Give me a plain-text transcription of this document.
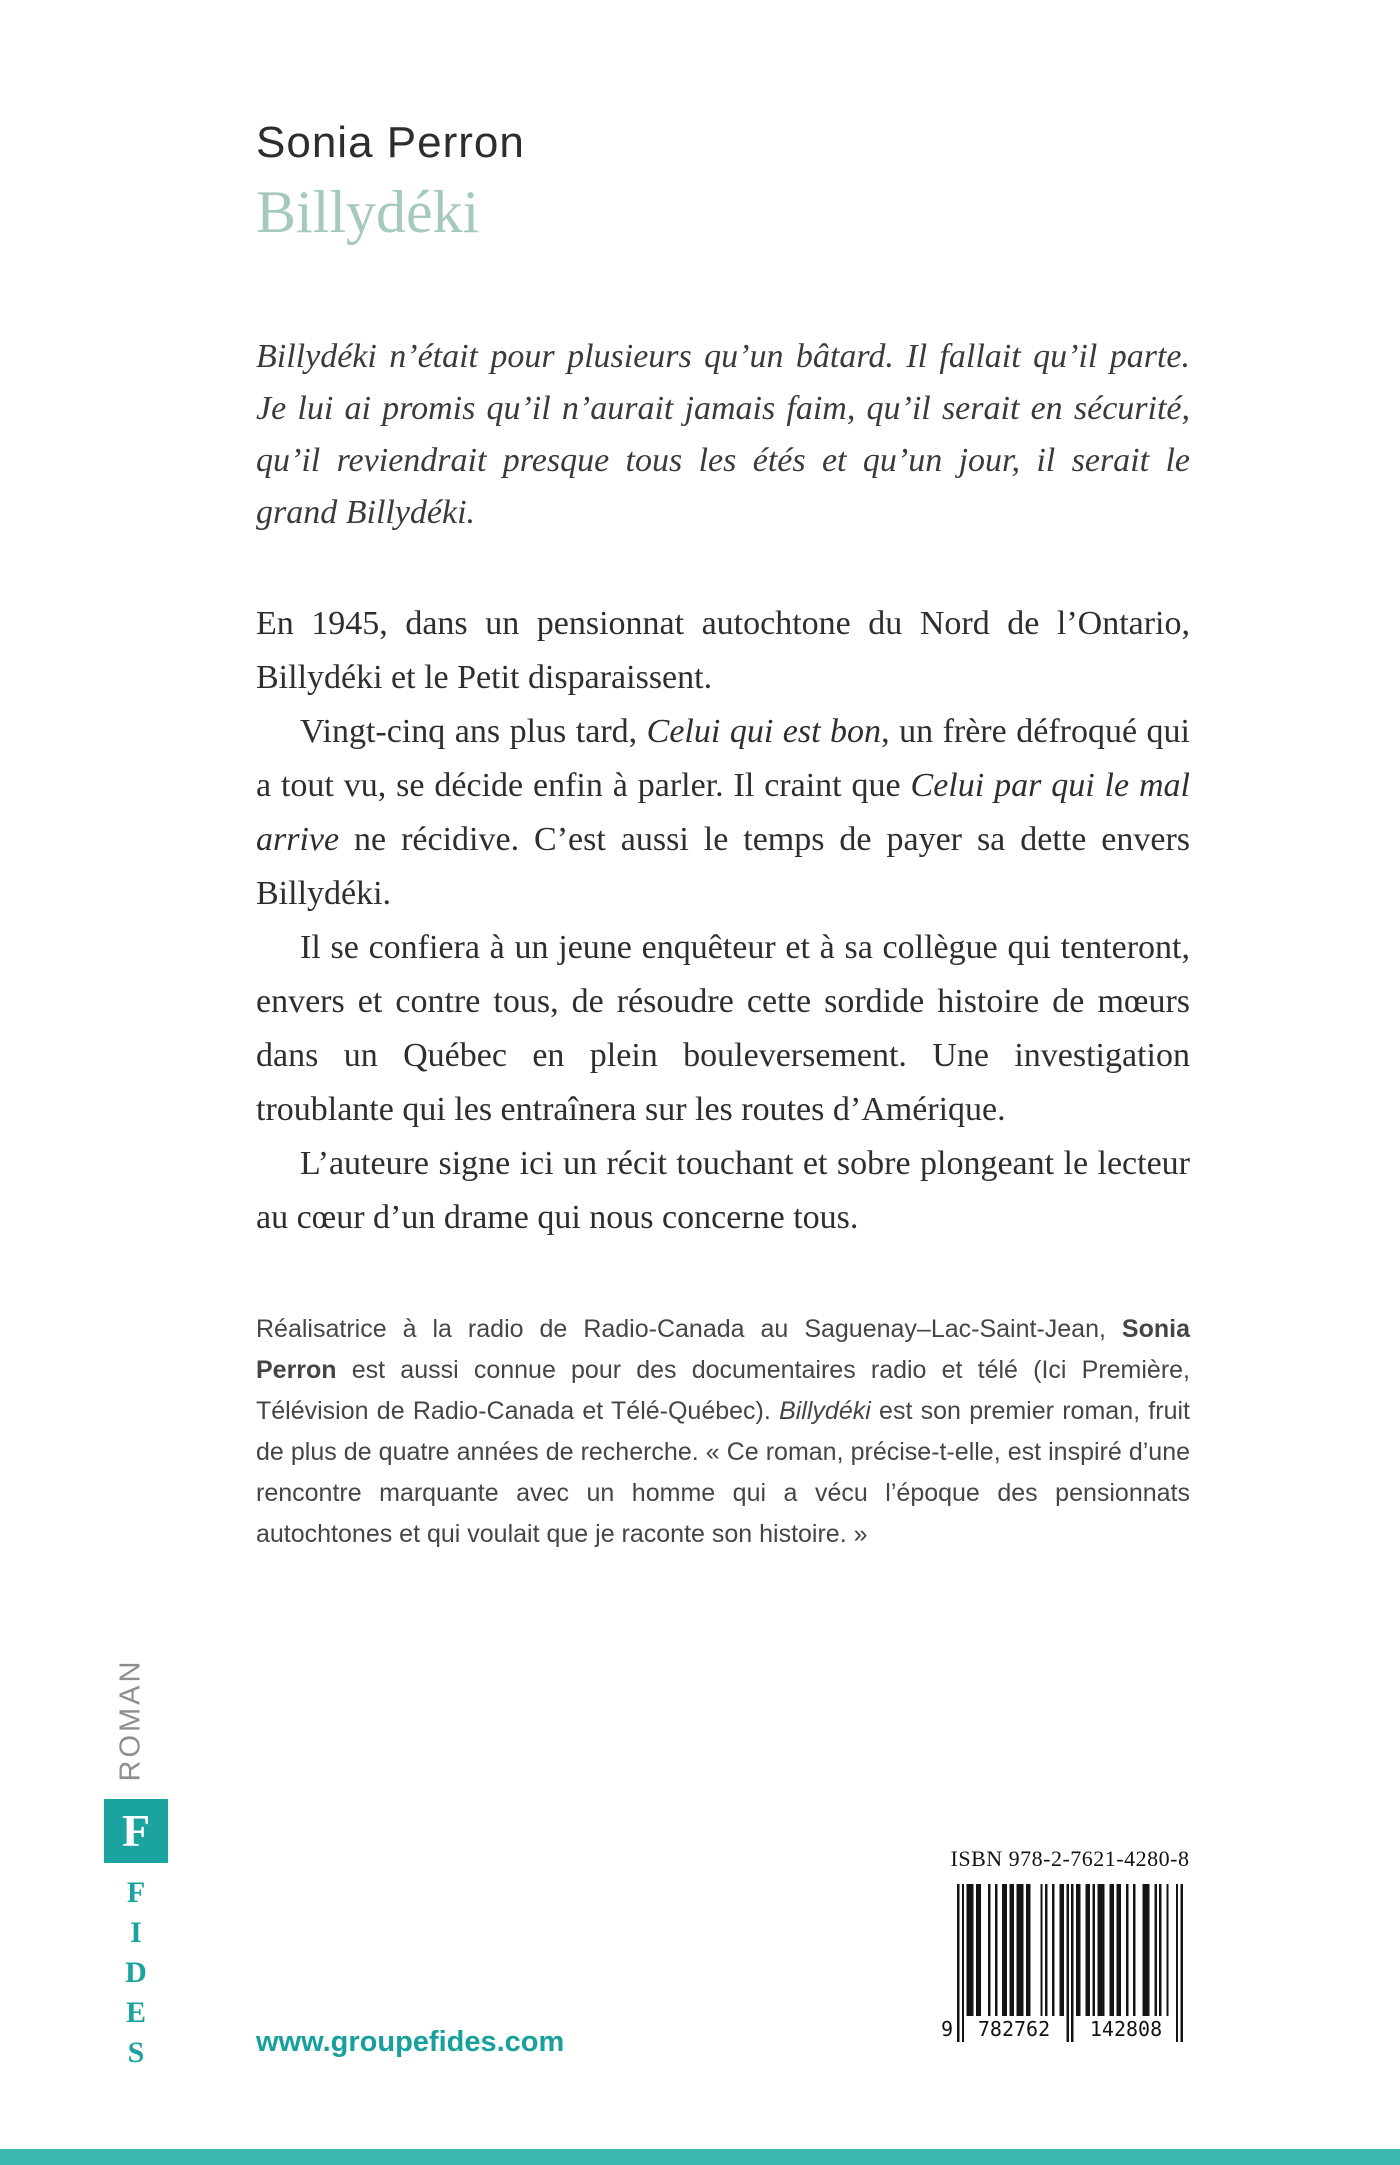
Sonia Perron
Billydéki

Billydéki n’était pour plusieurs qu’un bâtard. Il fallait qu’il parte. Je lui ai promis qu’il n’aurait jamais faim, qu’il serait en sécurité, qu’il reviendrait presque tous les étés et qu’un jour, il serait le grand Billydéki.

En 1945, dans un pensionnat autochtone du Nord de l’Ontario, Billydéki et le Petit disparaissent.

Vingt-cinq ans plus tard, Celui qui est bon, un frère défroqué qui a tout vu, se décide enfin à parler. Il craint que Celui par qui le mal arrive ne récidive. C’est aussi le temps de payer sa dette envers Billydéki.

Il se confiera à un jeune enquêteur et à sa collègue qui tenteront, envers et contre tous, de résoudre cette sordide histoire de mœurs dans un Québec en plein bouleversement. Une investigation troublante qui les entraînera sur les routes d’Amérique.

L’auteure signe ici un récit touchant et sobre plongeant le lecteur au cœur d’un drame qui nous concerne tous.

Réalisatrice à la radio de Radio-Canada au Saguenay–Lac-Saint-Jean, Sonia Perron est aussi connue pour des documentaires radio et télé (Ici Première, Télévision de Radio-Canada et Télé-Québec). Billydéki est son premier roman, fruit de plus de quatre années de recherche. « Ce roman, précise-t-elle, est inspiré d’une rencontre marquante avec un homme qui a vécu l’époque des pensionnats autochtones et qui voulait que je raconte son histoire. »

ROMAN
F
F
I
D
E
S	www.groupefides.com
ISBN 978-2-7621-4280-8
9	782762	142808
